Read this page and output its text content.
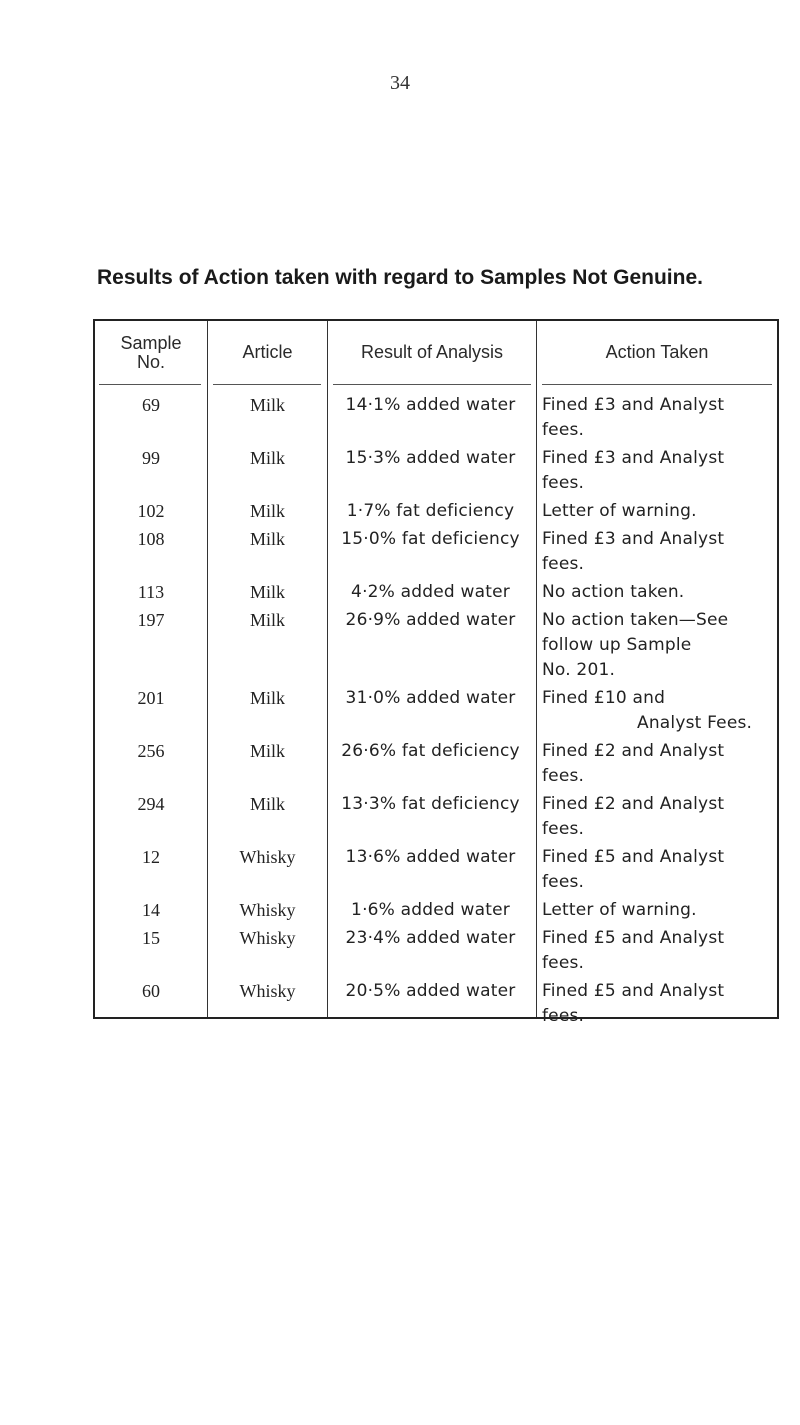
34
Results of Action taken with regard to Samples Not Genuine.
Sample
No.	Article	Result of Analysis	Action Taken
69	Milk	14·1% added water	Fined £3 and Analyst
fees.
99	Milk	15·3% added water	Fined £3 and Analyst
fees.
102	Milk	1·7% fat deficiency	Letter of warning.
108	Milk	15·0% fat deficiency	Fined £3 and Analyst
fees.
113	Milk	4·2% added water	No action taken.
197	Milk	26·9% added water	No action taken—See
follow up Sample
No. 201.
201	Milk	31·0% added water	Fined £10 and
Analyst Fees.
256	Milk	26·6% fat deficiency	Fined £2 and Analyst
fees.
294	Milk	13·3% fat deficiency	Fined £2 and Analyst
fees.
12	Whisky	13·6% added water	Fined £5 and Analyst
fees.
14	Whisky	1·6% added water	Letter of warning.
15	Whisky	23·4% added water	Fined £5 and Analyst
fees.
60	Whisky	20·5% added water	Fined £5 and Analyst
fees.
